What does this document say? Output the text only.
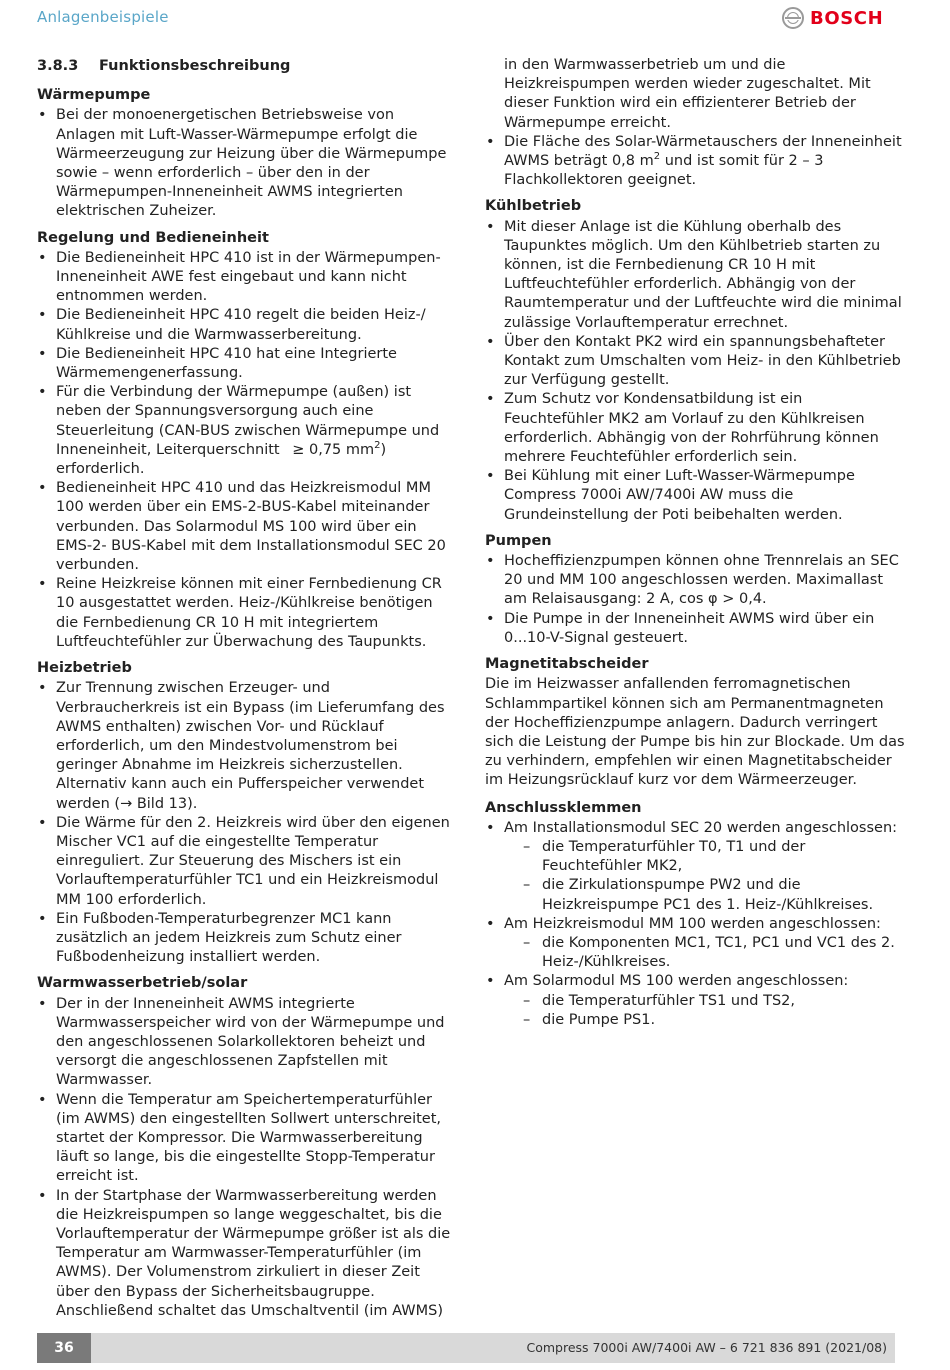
Anlagenbeispiele	BOSCH
3.8.3	Funktionsbeschreibung
Wärmepumpe
• Bei der monoenergetischen Betriebsweise von Anlagen mit Luft-Wasser-Wärmepumpe erfolgt die Wärmeerzeugung zur Heizung über die Wärmepumpe sowie – wenn erforderlich – über den in der Wärmepumpen-Inneneinheit AWMS integrierten elektrischen Zuheizer.
Regelung und Bedieneinheit
• Die Bedieneinheit HPC 410 ist in der Wärmepumpen-Inneneinheit AWE fest eingebaut und kann nicht entnommen werden.
• Die Bedieneinheit HPC 410 regelt die beiden Heiz-/ Kühlkreise und die Warmwasserbereitung.
• Die Bedieneinheit HPC 410 hat eine Integrierte Wärmemengenerfassung.
• Für die Verbindung der Wärmepumpe (außen) ist neben der Spannungsversorgung auch eine Steuerleitung (CAN-BUS zwischen Wärmepumpe und Inneneinheit, Leiterquerschnitt ≥ 0,75 $mm^2$) erforderlich.
• Bedieneinheit HPC 410 und das Heizkreismodul MM 100 werden über ein EMS-2-BUS-Kabel miteinander verbunden. Das Solarmodul MS 100 wird über ein EMS-2- BUS-Kabel mit dem Installationsmodul SEC 20 verbunden.
• Reine Heizkreise können mit einer Fernbedienung CR 10 ausgestattet werden. Heiz-/Kühlkreise benötigen die Fernbedienung CR 10 H mit integriertem Luftfeuchtefühler zur Überwachung des Taupunkts.
Heizbetrieb
• Zur Trennung zwischen Erzeuger- und Verbraucherkreis ist ein Bypass (im Lieferumfang des AWMS enthalten) zwischen Vor- und Rücklauf erforderlich, um den Mindestvolumenstrom bei geringer Abnahme im Heizkreis sicherzustellen. Alternativ kann auch ein Pufferspeicher verwendet werden (→ Bild 13).
• Die Wärme für den 2. Heizkreis wird über den eigenen Mischer VC1 auf die eingestellte Temperatur einreguliert. Zur Steuerung des Mischers ist ein Vorlauftemperaturfühler TC1 und ein Heizkreismodul MM 100 erforderlich.
• Ein Fußboden-Temperaturbegrenzer MC1 kann zusätzlich an jedem Heizkreis zum Schutz einer Fußbodenheizung installiert werden.
Warmwasserbetrieb/solar
• Der in der Inneneinheit AWMS integrierte Warmwasserspeicher wird von der Wärmepumpe und den angeschlossenen Solarkollektoren beheizt und versorgt die angeschlossenen Zapfstellen mit Warmwasser.
• Wenn die Temperatur am Speichertemperaturfühler (im AWMS) den eingestellten Sollwert unterschreitet, startet der Kompressor. Die Warmwasserbereitung läuft so lange, bis die eingestellte Stopp-Temperatur erreicht ist.
• In der Startphase der Warmwasserbereitung werden die Heizkreispumpen so lange weggeschaltet, bis die Vorlauftemperatur der Wärmepumpe größer ist als die Temperatur am Warmwasser-Temperaturfühler (im AWMS). Der Volumenstrom zirkuliert in dieser Zeit über den Bypass der Sicherheitsbaugruppe. Anschließend schaltet das Umschaltventil (im AWMS)
in den Warmwasserbetrieb um und die Heizkreispumpen werden wieder zugeschaltet. Mit dieser Funktion wird ein effizienterer Betrieb der Wärmepumpe erreicht.
• Die Fläche des Solar-Wärmetauschers der Inneneinheit AWMS beträgt 0,8 $m^2$ und ist somit für 2 – 3 Flachkollektoren geeignet.
Kühlbetrieb
• Mit dieser Anlage ist die Kühlung oberhalb des Taupunktes möglich. Um den Kühlbetrieb starten zu können, ist die Fernbedienung CR 10 H mit Luftfeuchtefühler erforderlich. Abhängig von der Raumtemperatur und der Luftfeuchte wird die minimal zulässige Vorlauftemperatur errechnet.
• Über den Kontakt PK2 wird ein spannungsbehafteter Kontakt zum Umschalten vom Heiz- in den Kühlbetrieb zur Verfügung gestellt.
• Zum Schutz vor Kondensatbildung ist ein Feuchtefühler MK2 am Vorlauf zu den Kühlkreisen erforderlich. Abhängig von der Rohrführung können mehrere Feuchtefühler erforderlich sein.
• Bei Kühlung mit einer Luft-Wasser-Wärmepumpe Compress 7000i AW/7400i AW muss die Grundeinstellung der Poti beibehalten werden.
Pumpen
• Hocheffizienzpumpen können ohne Trennrelais an SEC 20 und MM 100 angeschlossen werden. Maximallast am Relaisausgang: 2 A, cos φ > 0,4.
• Die Pumpe in der Inneneinheit AWMS wird über ein 0...10-V-Signal gesteuert.
Magnetitabscheider

Die im Heizwasser anfallenden ferromagnetischen Schlammpartikel können sich am Permanentmagneten der Hocheffizienzpumpe anlagern. Dadurch verringert sich die Leistung der Pumpe bis hin zur Blockade. Um das zu verhindern, empfehlen wir einen Magnetitabscheider im Heizungsrücklauf kurz vor dem Wärmeerzeuger.

Anschlussklemmen
• Am Installationsmodul SEC 20 werden angeschlossen:
– die Temperaturfühler T0, T1 und der Feuchtefühler MK2,
– die Zirkulationspumpe PW2 und die Heizkreispumpe PC1 des 1. Heiz-/Kühlkreises.
• Am Heizkreismodul MM 100 werden angeschlossen:
– die Komponenten MC1, TC1, PC1 und VC1 des 2. Heiz-/Kühlkreises.
• Am Solarmodul MS 100 werden angeschlossen:
– die Temperaturfühler TS1 und TS2,
– die Pumpe PS1.
36	Compress 7000i AW/7400i AW – 6 721 836 891 (2021/08)
